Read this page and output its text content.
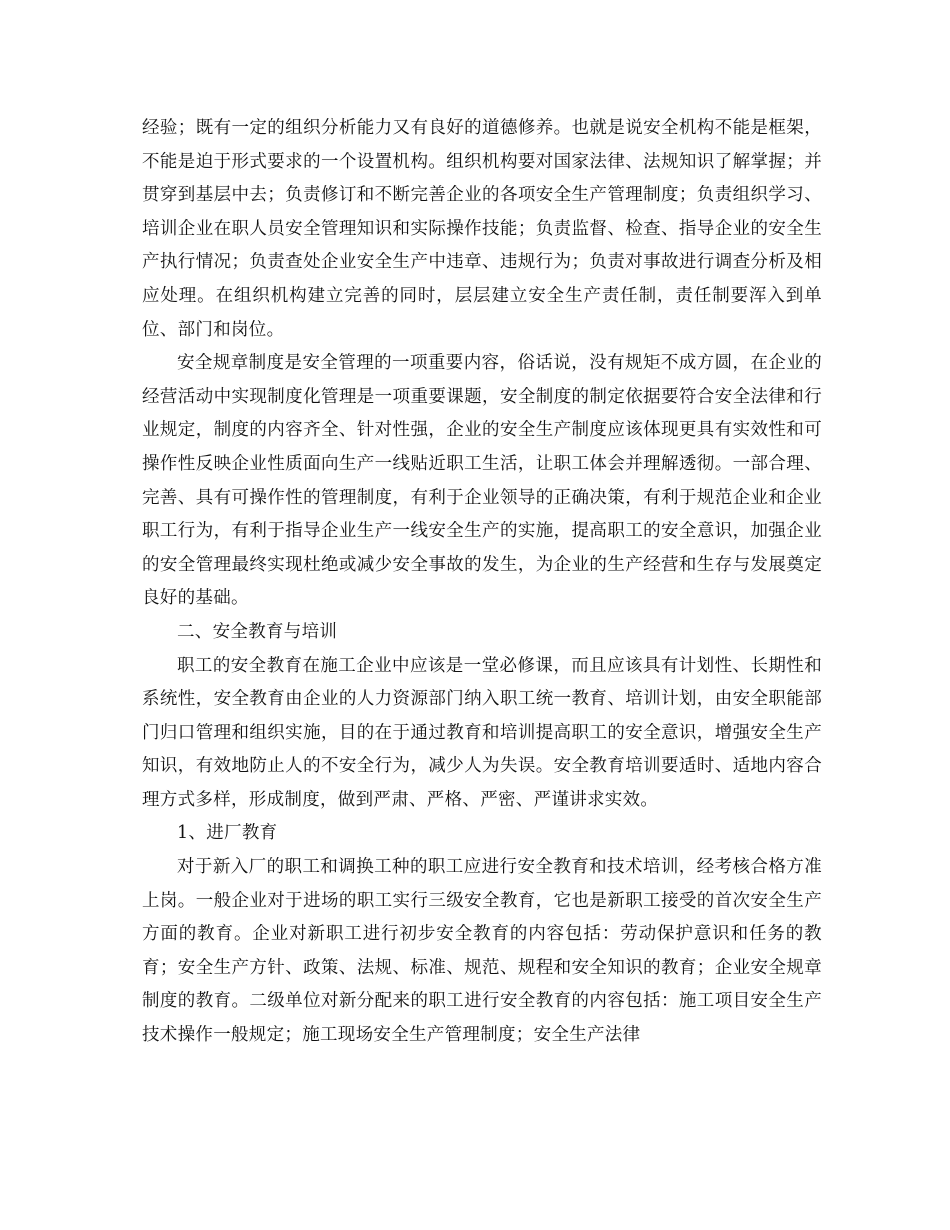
经验；既有一定的组织分析能力又有良好的道德修养。也就是说安全机构不能是框架，不能是迫于形式要求的一个设置机构。组织机构要对国家法律、法规知识了解掌握；并贯穿到基层中去；负责修订和不断完善企业的各项安全生产管理制度；负责组织学习、培训企业在职人员安全管理知识和实际操作技能；负责监督、检查、指导企业的安全生产执行情况；负责查处企业安全生产中违章、违规行为；负责对事故进行调查分析及相应处理。在组织机构建立完善的同时，层层建立安全生产责任制，责任制要浑入到单位、部门和岗位。

安全规章制度是安全管理的一项重要内容，俗话说，没有规矩不成方圆，在企业的经营活动中实现制度化管理是一项重要课题，安全制度的制定依据要符合安全法律和行业规定，制度的内容齐全、针对性强，企业的安全生产制度应该体现更具有实效性和可操作性反映企业性质面向生产一线贴近职工生活，让职工体会并理解透彻。一部合理、完善、具有可操作性的管理制度，有利于企业领导的正确决策，有利于规范企业和企业职工行为，有利于指导企业生产一线安全生产的实施，提高职工的安全意识，加强企业的安全管理最终实现杜绝或减少安全事故的发生，为企业的生产经营和生存与发展奠定良好的基础。

二、安全教育与培训

职工的安全教育在施工企业中应该是一堂必修课，而且应该具有计划性、长期性和系统性，安全教育由企业的人力资源部门纳入职工统一教育、培训计划，由安全职能部门归口管理和组织实施，目的在于通过教育和培训提高职工的安全意识，增强安全生产知识，有效地防止人的不安全行为，减少人为失误。安全教育培训要适时、适地内容合理方式多样，形成制度，做到严肃、严格、严密、严谨讲求实效。

1、进厂教育

对于新入厂的职工和调换工种的职工应进行安全教育和技术培训，经考核合格方准上岗。一般企业对于进场的职工实行三级安全教育，它也是新职工接受的首次安全生产方面的教育。企业对新职工进行初步安全教育的内容包括：劳动保护意识和任务的教育；安全生产方针、政策、法规、标准、规范、规程和安全知识的教育；企业安全规章制度的教育。二级单位对新分配来的职工进行安全教育的内容包括：施工项目安全生产技术操作一般规定；施工现场安全生产管理制度；安全生产法律
